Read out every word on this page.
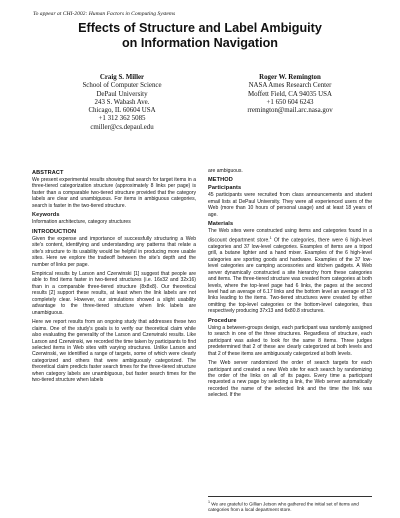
To appear at CHI-2002: Human Factors in Computing Systems
Effects of Structure and Label Ambiguity
on Information Navigation
Craig S. Miller
School of Computer Science
DePaul University
243 S. Wabash Ave.
Chicago, IL 60604 USA
+1 312 362 5085
cmiller@cs.depaul.edu
Roger W. Remington
NASA Ames Research Center
Moffett Field, CA 94035 USA
+1 650 604 6243
rremington@mail.arc.nasa.gov
ABSTRACT
We present experimental results showing that search for target items in a three-tiered categorization structure (approximately 8 links per page) is faster than a comparable two-tiered structure provided that the category labels are clear and unambiguous. For items in ambiguous categories, search is faster in the two-tiered structure.
Keywords
Information architecture, category structures
INTRODUCTION
Given the expense and importance of successfully structuring a Web site's content, identifying and understanding any patterns that relate a site's structure to its usability would be helpful in producing more usable sites. Here we explore the tradeoff between the site's depth and the number of links per page.
Empirical results by Larson and Czerwinski [1] suggest that people are able to find items faster in two-tiered structures (i.e. 16x32 and 32x16) than in a comparable three-tiered structure (8x8x8). Our theoretical results [2] support these results, at least when the link labels are not completely clear. However, our simulations showed a slight usability advantage to the three-tiered structure when link labels are unambiguous.
Here we report results from an ongoing study that addresses these two claims. One of the study's goals is to verify our theoretical claim while also evaluating the generality of the Larson and Czerwinski results. Like Larson and Czerwinski, we recorded the time taken by participants to find selected items in Web sites with varying structures. Unlike Larson and Czerwinski, we identified a range of targets, some of which were clearly categorized and others that were ambiguously categorized. The theoretical claim predicts faster search times for the three-tiered structure when category labels are unambiguous, but faster search times for the two-tiered structure when labels
are ambiguous.
METHOD
Participants
45 participants were recruited from class announcements and student email lists at DePaul University. They were all experienced users of the Web (more than 10 hours of personal usage) and at least 18 years of age.
Materials
The Web sites were constructed using items and categories found in a discount department store.$^1$ Of the categories, there were 6 high-level categories and 37 low-level categories. Examples of items are a tripod grill, a butane lighter and a hand mixer. Examples of the 6 high-level categories are sporting goods and hardware. Examples of the 37 low-level categories are camping accessories and kitchen gadgets. A Web server dynamically constructed a site hierarchy from these categories and items. The three-tiered structure was created from categories at both levels, where the top-level page had 6 links, the pages at the second level had an average of 6.17 links and the bottom level an average of 13 links leading to the items. Two-tiered structures were created by either omitting the top-level categories or the bottom-level categories, thus respectively producing 37x13 and 6x80.8 structures.
Procedure
Using a between-groups design, each participant was randomly assigned to search in one of the three structures. Regardless of structure, each participant was asked to look for the same 8 items. Three judges predetermined that 2 of these are clearly categorized at both levels and that 2 of these items are ambiguously categorized at both levels.
The Web server randomized the order of search targets for each participant and created a new Web site for each search by randomizing the order of the links on all of its pages. Every time a participant requested a new page by selecting a link, the Web server automatically recorded the name of the selected link and the time the link was selected. If the
$^1$ We are grateful to Gillian Jetson who gathered the initial set of items and categories from a local department store.
